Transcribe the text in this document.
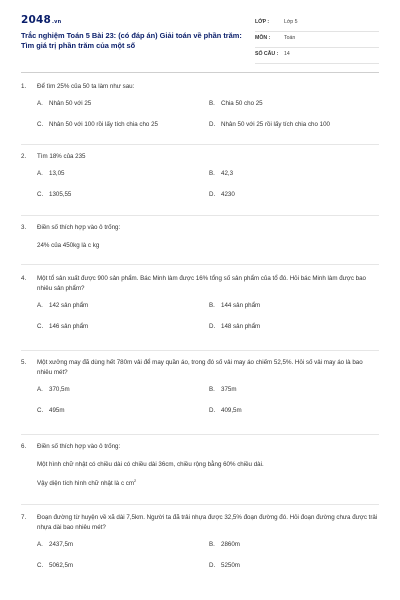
2048.vn
Trắc nghiệm Toán 5 Bài 23: (có đáp án) Giải toán về phần trăm: Tìm giá trị phần trăm của một số
LỚP :	Lớp 5
MÔN :	Toán
SỐ CÂU : 14
1. Để tìm 25% của 50 ta làm như sau:
A. Nhân 50 với 25	B. Chia 50 cho 25
C. Nhân 50 với 100 rồi lấy tích chia cho 25	D. Nhân 50 với 25 rồi lấy tích chia cho 100
2. Tìm 18% của 235
A. 13,05	B. 42,3
C. 1305,55	D. 4230
3. Điền số thích hợp vào ô trống:
24% của 450kg là c kg
4. Một tổ sản xuất được 900 sản phẩm. Bác Minh làm được 16% tổng số sản phẩm của tổ đó. Hỏi bác Minh làm được bao nhiêu sản phẩm?
A. 142 sản phẩm	B. 144 sản phẩm
C. 146 sản phẩm	D. 148 sản phẩm
5. Một xưởng may đã dùng hết 780m vải để may quần áo, trong đó số vải may áo chiếm 52,5%. Hỏi số vải may áo là bao nhiêu mét?
A. 370,5m	B. 375m
C. 495m	D. 409,5m
6. Điền số thích hợp vào ô trống:
Một hình chữ nhật có chiều dài có chiều dài 36cm, chiều rộng bằng 60% chiều dài.
Vậy diện tích hình chữ nhật là c $cm^2$
7. Đoạn đường từ huyện về xã dài 7,5km. Người ta đã trải nhựa được 32,5% đoạn đường đó. Hỏi đoạn đường chưa được trải nhựa dài bao nhiêu mét?
A. 2437,5m	B. 2860m
C. 5062,5m	D. 5250m
